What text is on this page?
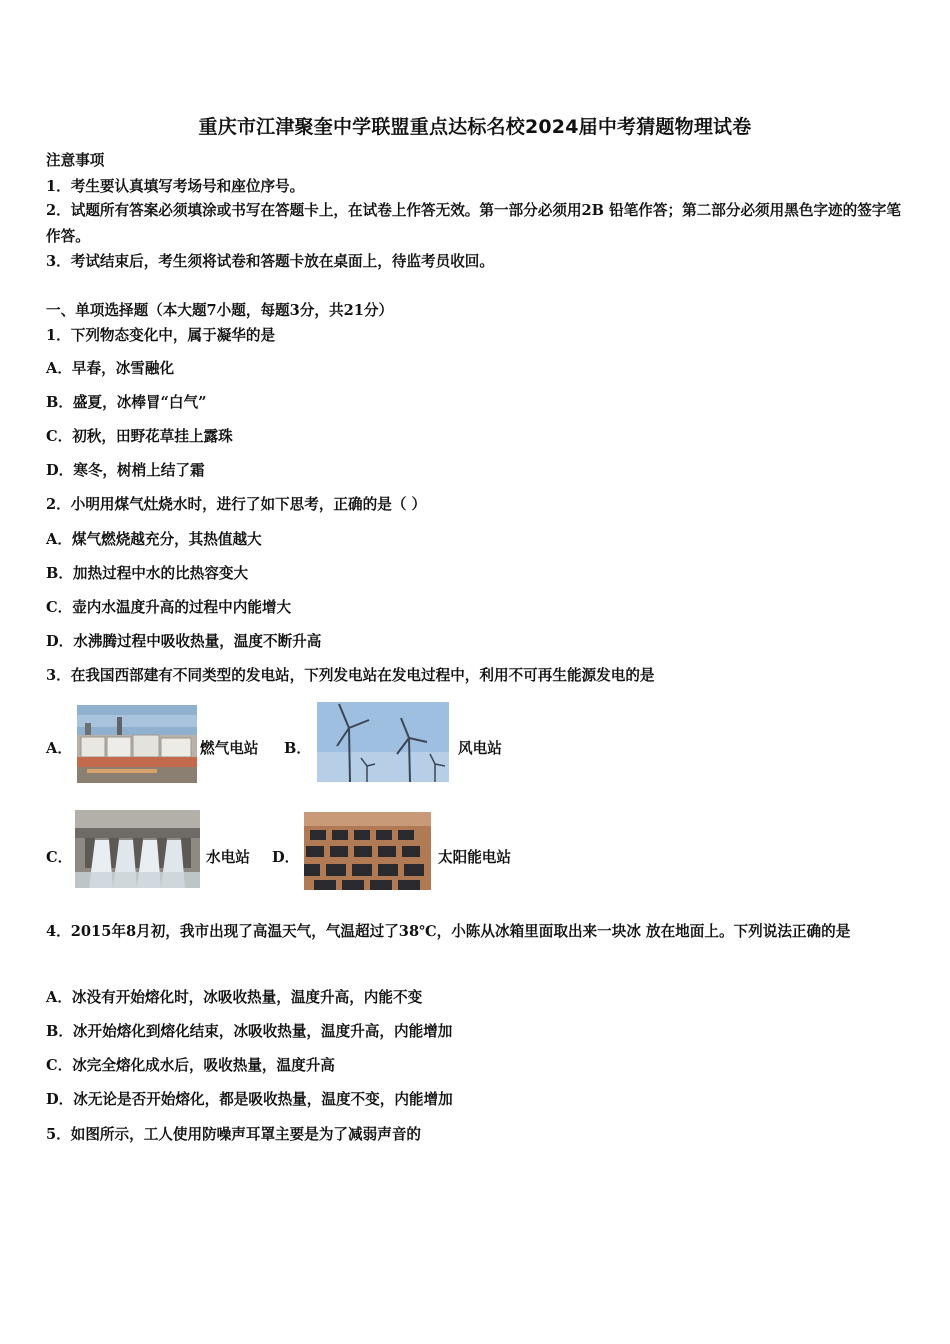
重庆市江津聚奎中学联盟重点达标名校2024届中考猜题物理试卷
注意事项
1．考生要认真填写考场号和座位序号。
2．试题所有答案必须填涂或书写在答题卡上，在试卷上作答无效。第一部分必须用2B 铅笔作答；第二部分必须用黑色字迹的签字笔作答。
3．考试结束后，考生须将试卷和答题卡放在桌面上，待监考员收回。
一、单项选择题（本大题7小题，每题3分，共21分）
1．下列物态变化中，属于凝华的是
A．早春，冰雪融化
B．盛夏，冰棒冒“白气”
C．初秋，田野花草挂上露珠
D．寒冬，树梢上结了霜
2．小明用煤气灶烧水时，进行了如下思考，正确的是（ ）
A．煤气燃烧越充分，其热值越大
B．加热过程中水的比热容变大
C．壶内水温度升高的过程中内能增大
D．水沸腾过程中吸收热量，温度不断升高
3．在我国西部建有不同类型的发电站，下列发电站在发电过程中，利用不可再生能源发电的是
A．	燃气电站 B．	风电站
C．	水电站 D．	太阳能电站
4．2015年8月初，我市出现了高温天气，气温超过了38℃，小陈从冰箱里面取出来一块冰 放在地面上。下列说法正确的是
A．冰没有开始熔化时，冰吸收热量，温度升高，内能不变
B．冰开始熔化到熔化结束，冰吸收热量，温度升高，内能增加
C．冰完全熔化成水后，吸收热量，温度升高
D．冰无论是否开始熔化，都是吸收热量，温度不变，内能增加
5．如图所示，工人使用防噪声耳罩主要是为了减弱声音的
